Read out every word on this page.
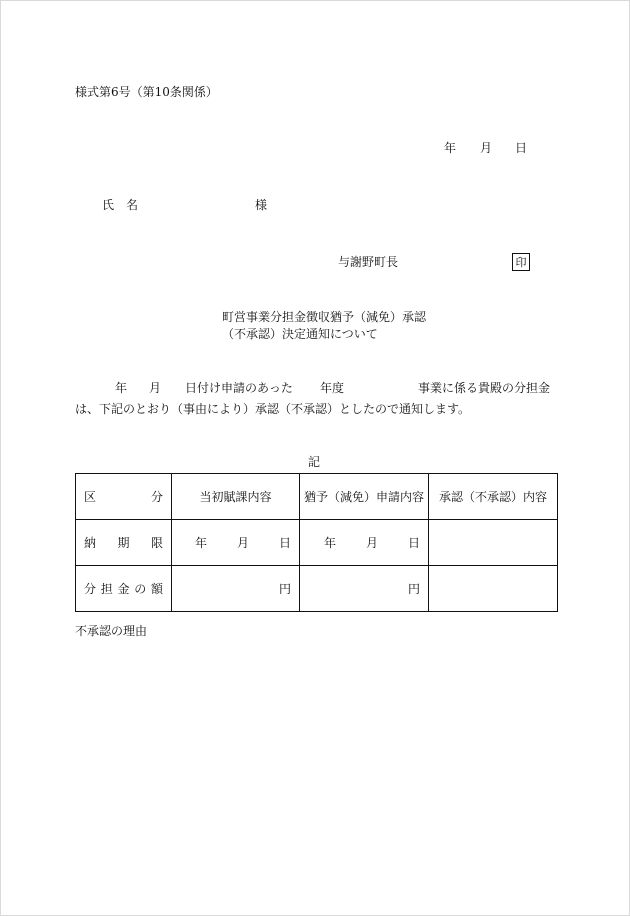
様式第6号（第10条関係）
年 月 日
氏　名	様
与謝野町長	印
町営事業分担金徴収猶予（減免）承認
（不承認）決定通知について
年 月 日付け申請のあった 年度	事業に係る貴殿の分担金
は、下記のとおり（事由により）承認（不承認）としたので通知します。
記
区 分	当初賦課内容	猶予（減免）申請内容	承認（不承認）内容

納 期 限	年 月 日	年 月 日	

分 担 金 の 額	円	円	
不承認の理由
